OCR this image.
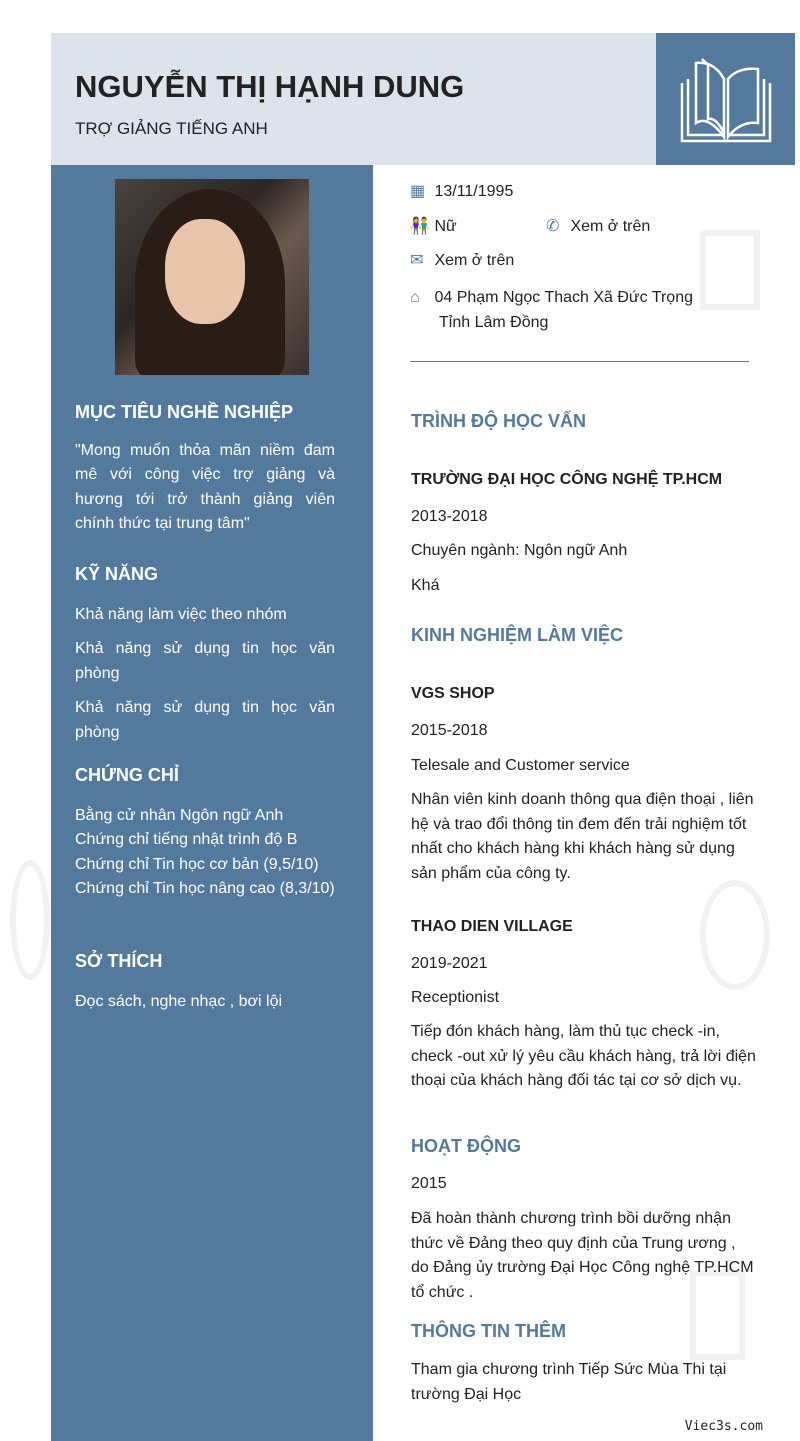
NGUYỄN THỊ HẠNH DUNG
TRỢ GIẢNG TIẾNG ANH
MỤC TIÊU NGHỀ NGHIỆP

"Mong muốn thỏa mãn niềm đam mê với công việc trợ giảng và hương tới trở thành giảng viên chính thức tại trung tâm"

KỸ NĂNG

Khả năng làm việc theo nhóm

Khả năng sử dụng tin học văn phòng

Khả năng sử dụng tin học văn phòng

CHỨNG CHỈ

Bằng cử nhân Ngôn ngữ Anh

Chứng chỉ tiếng nhật trình độ B

Chứng chỉ Tin học cơ bản (9,5/10)

Chứng chỉ Tin học nâng cao (8,3/10)

SỞ THÍCH

Đọc sách, nghe nhạc , bơi lội

▦ 13/11/1995
👫 Nữ	✆ Xem ở trên
✉ Xem ở trên
⌂ 04 Phạm Ngọc Thach Xã Đức Trọng
Tỉnh Lâm Đồng
TRÌNH ĐỘ HỌC VẤN
TRƯỜNG ĐẠI HỌC CÔNG NGHỆ TP.HCM
2013-2018
Chuyên ngành: Ngôn ngữ Anh
Khá
KINH NGHIỆM LÀM VIỆC
VGS SHOP
2015-2018
Telesale and Customer service
Nhân viên kinh doanh thông qua điện thoại , liên hệ và trao đổi thông tin đem đến trải nghiệm tốt nhất cho khách hàng khi khách hàng sử dụng sản phẩm của công ty.
THAO DIEN VILLAGE
2019-2021
Receptionist
Tiếp đón khách hàng, làm thủ tục check -in, check -out xử lý yêu cầu khách hàng, trả lời điện thoại của khách hàng đối tác tại cơ sở dịch vụ.
HOẠT ĐỘNG
2015
Đã hoàn thành chương trình bồi dưỡng nhận thức về Đảng theo quy định của Trung ương , do Đảng ủy trường Đại Học Công nghệ TP.HCM tổ chức .
THÔNG TIN THÊM
Tham gia chương trình Tiếp Sức Mùa Thi tại trường Đại Học
Viec3s.com
